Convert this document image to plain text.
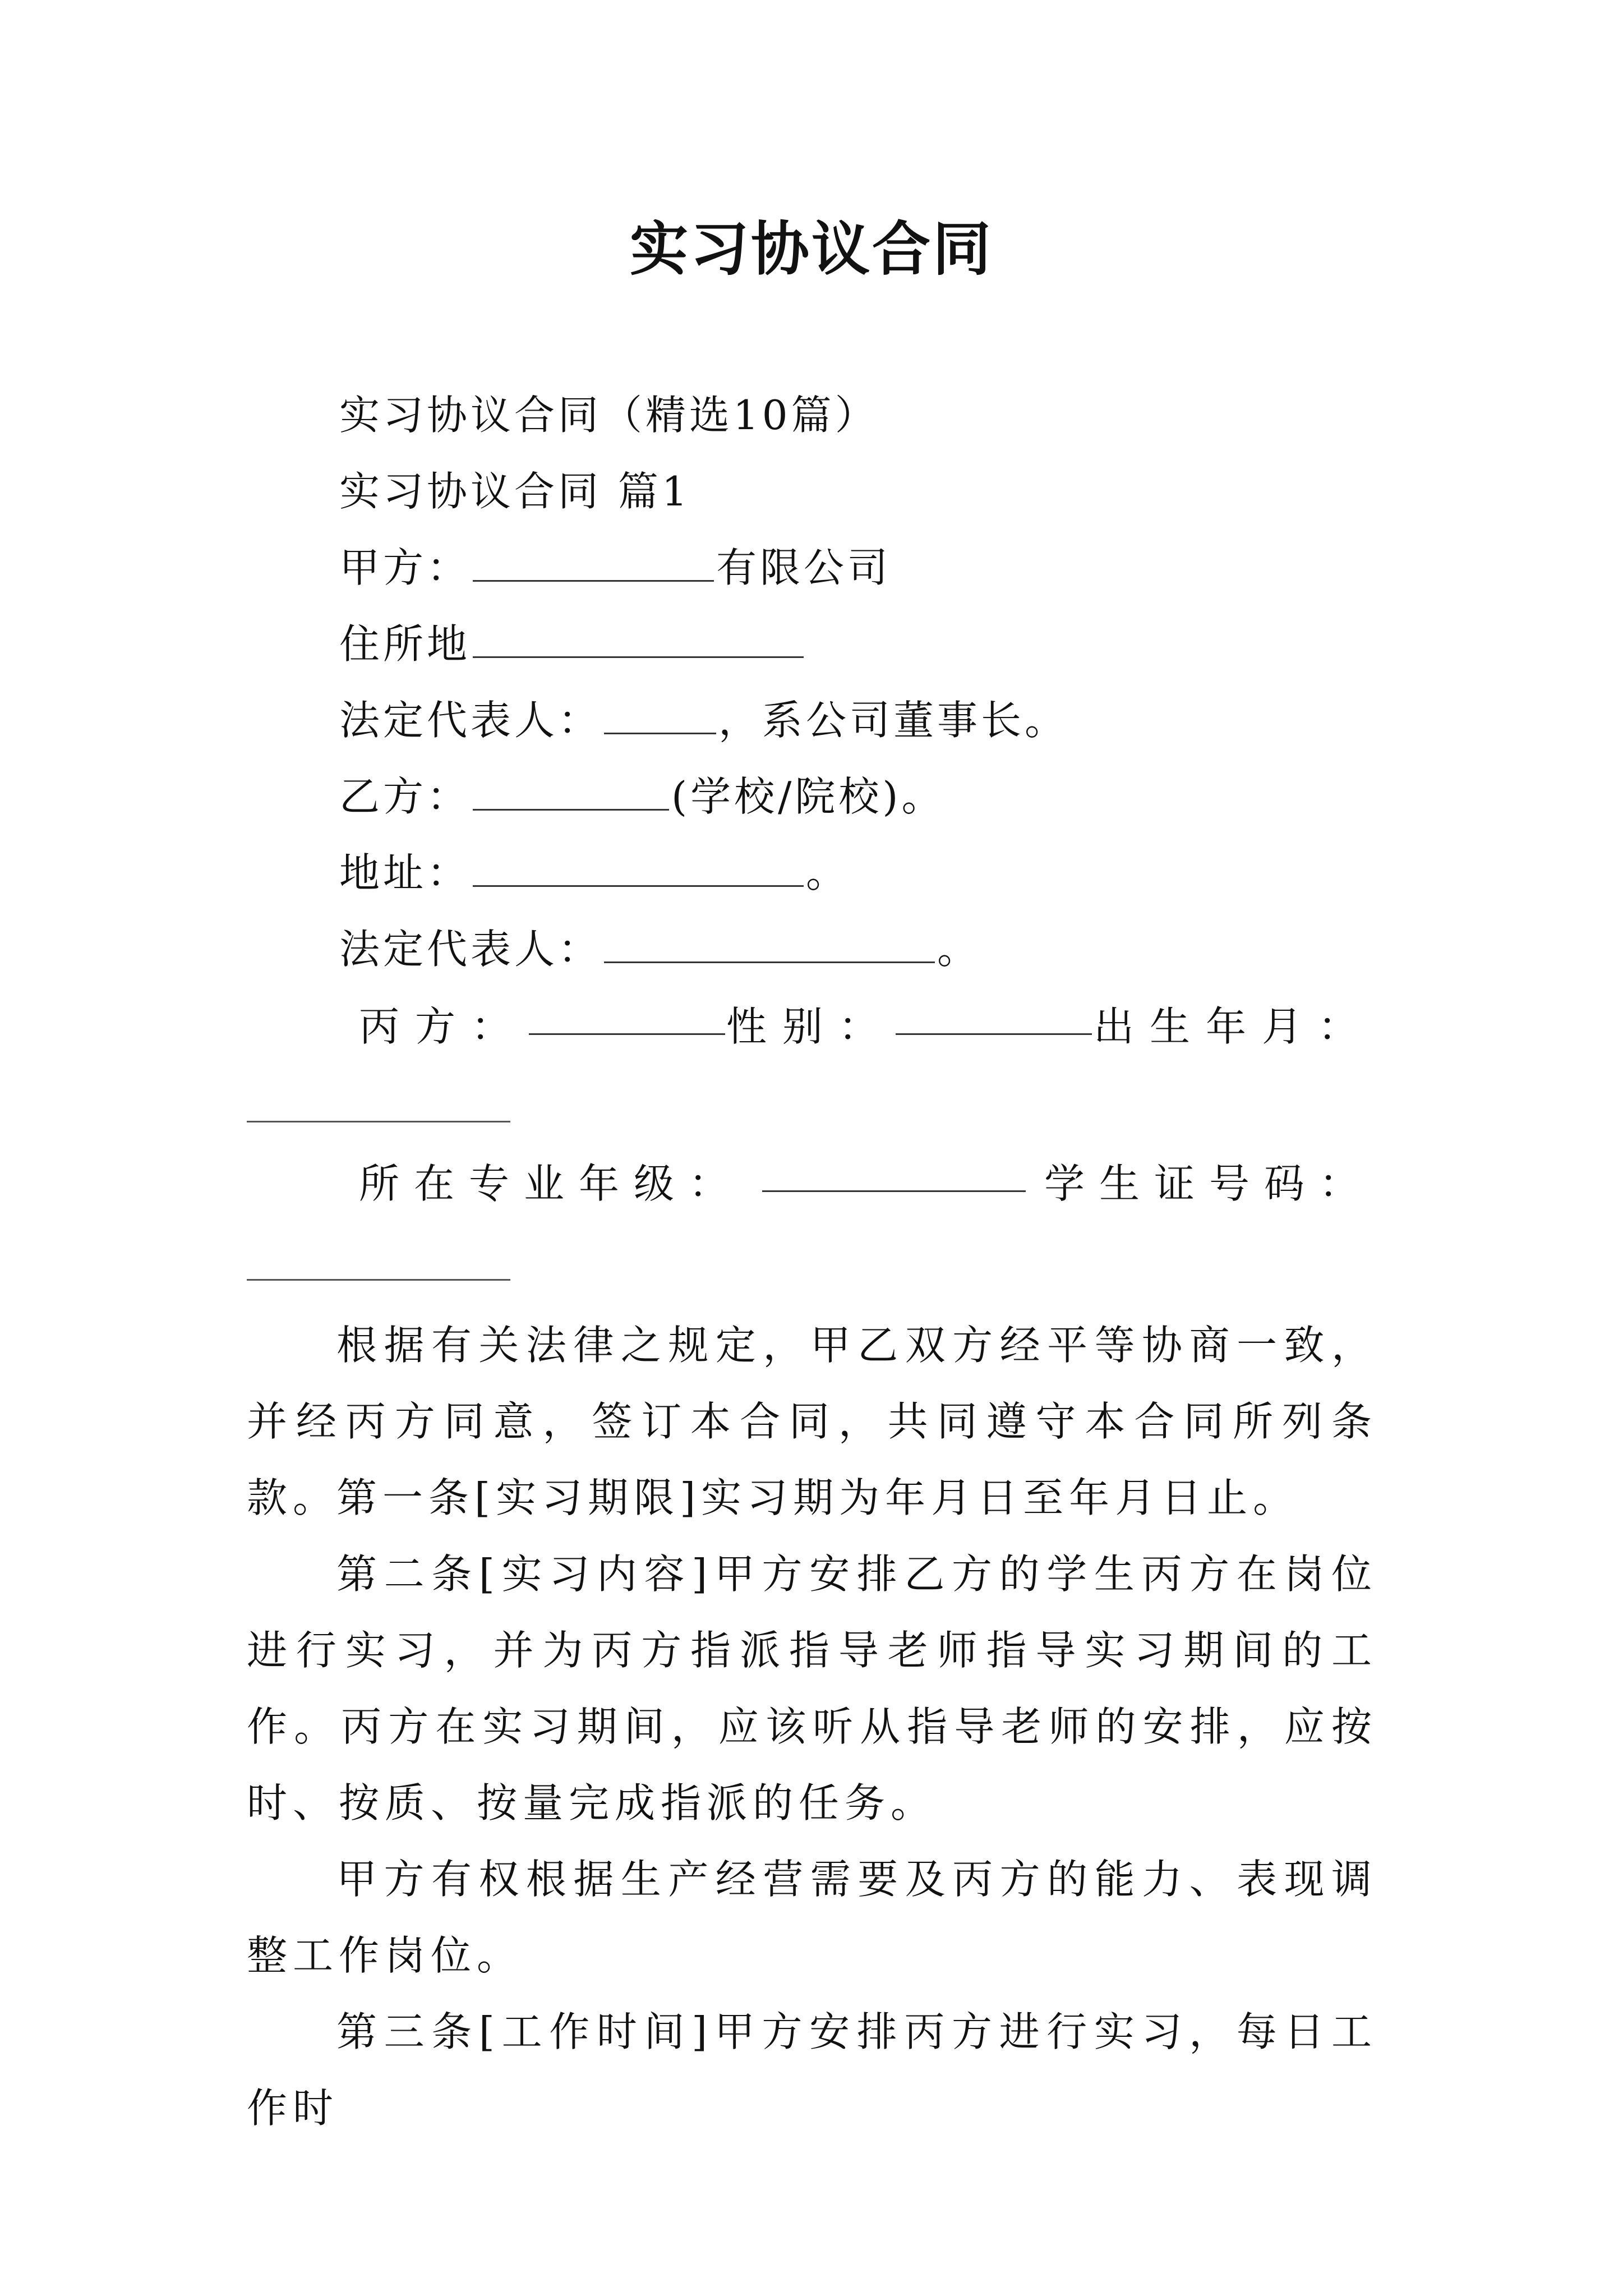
实习协议合同
实习协议合同（精选10篇）
实习协议合同 篇1
甲方：	有限公司
住所地
法定代表人：	，系公司董事长。
乙方：	(学校/院校)。
地址：	。
法定代表人：	。
丙方：	性别：	出生年月：
所在专业年级：	学生证号码：
根据有关法律之规定，甲乙双方经平等协商一致，并经丙方同意，签订本合同，共同遵守本合同所列条款。
第一条[实习期限]实习期为年月日至年月日止。
第二条[实习内容]甲方安排乙方的学生丙方在岗位进行实习，并为丙方指派指导老师指导实习期间的工作。丙方在实习期间，应该听从指导老师的安排，应按时、按质、按量完成指派的任务。
甲方有权根据生产经营需要及丙方的能力、表现调整工作岗位。
第三条[工作时间]甲方安排丙方进行实习，每日工作时
